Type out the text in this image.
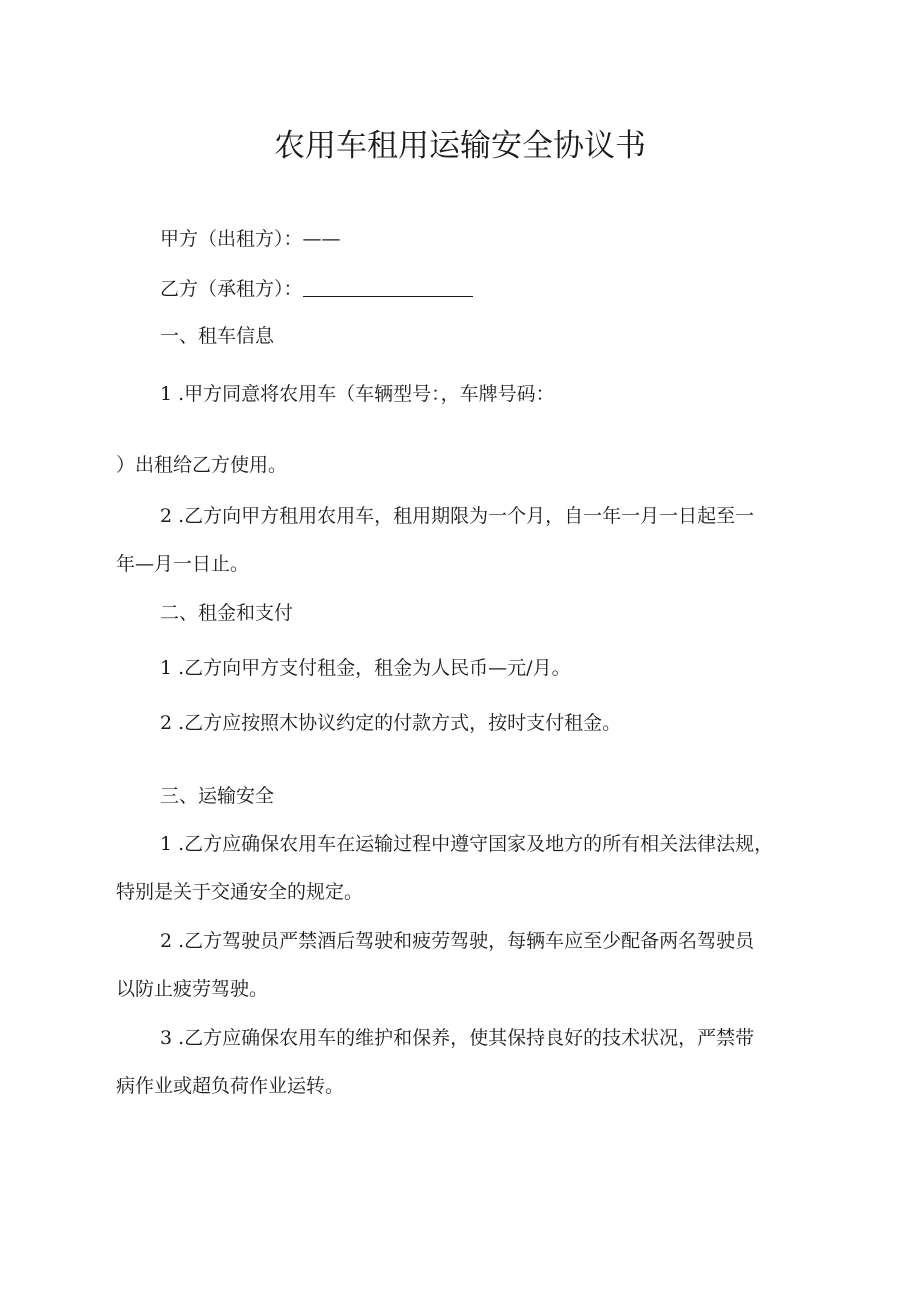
农用车租用运输安全协议书

甲方（出租方）：——

乙方（承租方）：

一、租车信息

1 .甲方同意将农用车（车辆型号：，车牌号码：

）出租给乙方使用。

2 .乙方向甲方租用农用车，租用期限为一个月，自一年一月一日起至一

年—月一日止。

二、租金和支付

1 .乙方向甲方支付租金，租金为人民币—元/月。

2 .乙方应按照木协议约定的付款方式，按时支付租金。

三、运输安全

1 .乙方应确保农用车在运输过程中遵守国家及地方的所有相关法律法规，

特别是关于交通安全的规定。

2 .乙方驾驶员严禁酒后驾驶和疲劳驾驶，每辆车应至少配备两名驾驶员

以防止疲劳驾驶。

3 .乙方应确保农用车的维护和保养，使其保持良好的技术状况，严禁带

病作业或超负荷作业运转。
